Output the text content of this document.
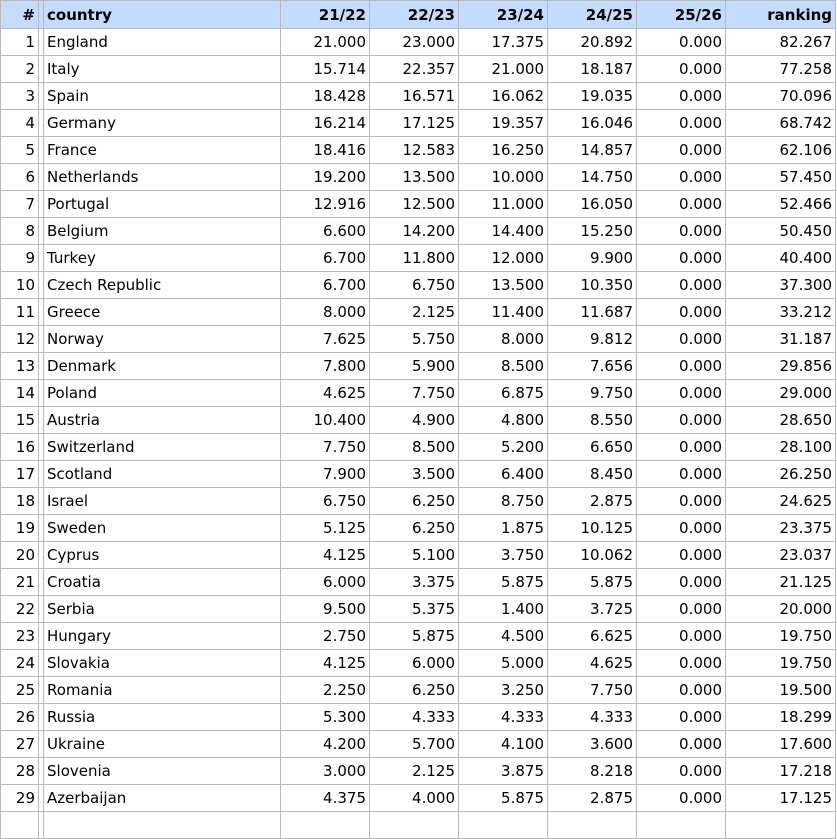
#		country	21/22	22/23	23/24	24/25	25/26	ranking
1		England	21.000	23.000	17.375	20.892	0.000	82.267
2		Italy	15.714	22.357	21.000	18.187	0.000	77.258
3		Spain	18.428	16.571	16.062	19.035	0.000	70.096
4		Germany	16.214	17.125	19.357	16.046	0.000	68.742
5		France	18.416	12.583	16.250	14.857	0.000	62.106
6		Netherlands	19.200	13.500	10.000	14.750	0.000	57.450
7		Portugal	12.916	12.500	11.000	16.050	0.000	52.466
8		Belgium	6.600	14.200	14.400	15.250	0.000	50.450
9		Turkey	6.700	11.800	12.000	9.900	0.000	40.400
10		Czech Republic	6.700	6.750	13.500	10.350	0.000	37.300
11		Greece	8.000	2.125	11.400	11.687	0.000	33.212
12		Norway	7.625	5.750	8.000	9.812	0.000	31.187
13		Denmark	7.800	5.900	8.500	7.656	0.000	29.856
14		Poland	4.625	7.750	6.875	9.750	0.000	29.000
15		Austria	10.400	4.900	4.800	8.550	0.000	28.650
16		Switzerland	7.750	8.500	5.200	6.650	0.000	28.100
17		Scotland	7.900	3.500	6.400	8.450	0.000	26.250
18		Israel	6.750	6.250	8.750	2.875	0.000	24.625
19		Sweden	5.125	6.250	1.875	10.125	0.000	23.375
20		Cyprus	4.125	5.100	3.750	10.062	0.000	23.037
21		Croatia	6.000	3.375	5.875	5.875	0.000	21.125
22		Serbia	9.500	5.375	1.400	3.725	0.000	20.000
23		Hungary	2.750	5.875	4.500	6.625	0.000	19.750
24		Slovakia	4.125	6.000	5.000	4.625	0.000	19.750
25		Romania	2.250	6.250	3.250	7.750	0.000	19.500
26		Russia	5.300	4.333	4.333	4.333	0.000	18.299
27		Ukraine	4.200	5.700	4.100	3.600	0.000	17.600
28		Slovenia	3.000	2.125	3.875	8.218	0.000	17.218
29		Azerbaijan	4.375	4.000	5.875	2.875	0.000	17.125
